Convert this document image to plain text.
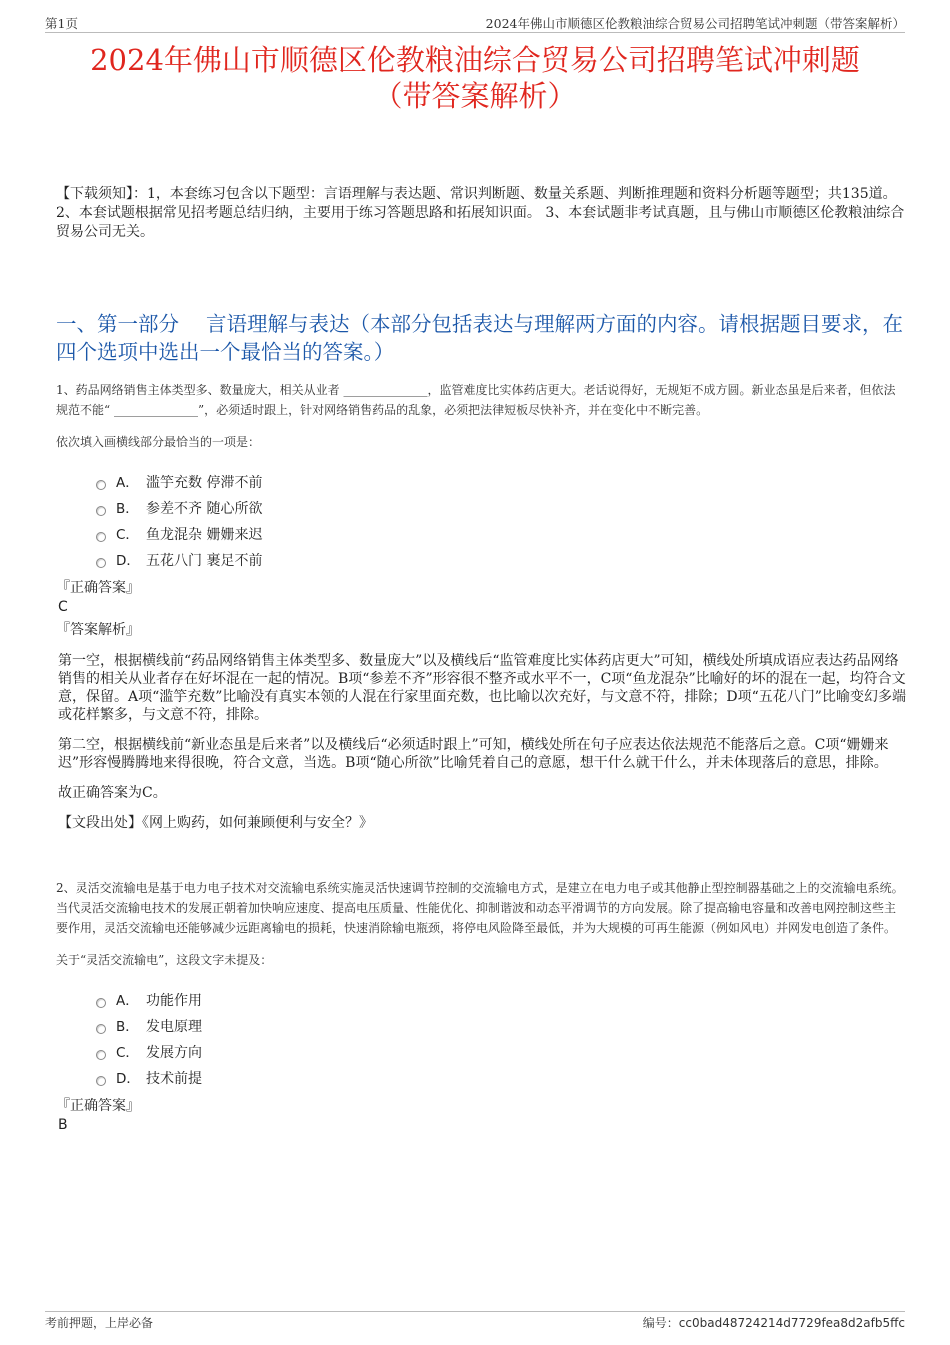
第1页	2024年佛山市顺德区伦教粮油综合贸易公司招聘笔试冲刺题（带答案解析）
2024年佛山市顺德区伦教粮油综合贸易公司招聘笔试冲刺题
（带答案解析）
【下载须知】：1，本套练习包含以下题型：言语理解与表达题、常识判断题、数量关系题、判断推理题和资料分析题等题型；共135道。 2、本套试题根据常见招考题总结归纳，主要用于练习答题思路和拓展知识面。 3、本套试题非考试真题，且与佛山市顺德区伦教粮油综合贸易公司无关。
一、第一部分　 言语理解与表达（本部分包括表达与理解两方面的内容。请根据题目要求，在四个选项中选出一个最恰当的答案。）
1、药品网络销售主体类型多、数量庞大，相关从业者 ______________，监管难度比实体药店更大。老话说得好，无规矩不成方圆。新业态虽是后来者，但依法规范不能“ ______________”，必须适时跟上，针对网络销售药品的乱象，必须把法律短板尽快补齐，并在变化中不断完善。
依次填入画横线部分最恰当的一项是：
A． 滥竽充数 停滞不前
B． 参差不齐 随心所欲
C． 鱼龙混杂 姗姗来迟
D． 五花八门 裹足不前
『正确答案』
C
『答案解析』
第一空，根据横线前“药品网络销售主体类型多、数量庞大”以及横线后“监管难度比实体药店更大”可知，横线处所填成语应表达药品网络销售的相关从业者存在好坏混在一起的情况。B项“参差不齐”形容很不整齐或水平不一，C项“鱼龙混杂”比喻好的坏的混在一起，均符合文意，保留。A项“滥竽充数”比喻没有真实本领的人混在行家里面充数，也比喻以次充好，与文意不符，排除；D项“五花八门”比喻变幻多端或花样繁多，与文意不符，排除。
第二空，根据横线前“新业态虽是后来者”以及横线后“必须适时跟上”可知，横线处所在句子应表达依法规范不能落后之意。C项“姗姗来迟”形容慢腾腾地来得很晚，符合文意，当选。B项“随心所欲”比喻凭着自己的意愿，想干什么就干什么，并未体现落后的意思，排除。
故正确答案为C。
【文段出处】《网上购药，如何兼顾便利与安全？》
2、灵活交流输电是基于电力电子技术对交流输电系统实施灵活快速调节控制的交流输电方式，是建立在电力电子或其他静止型控制器基础之上的交流输电系统。当代灵活交流输电技术的发展正朝着加快响应速度、提高电压质量、性能优化、抑制谐波和动态平滑调节的方向发展。除了提高输电容量和改善电网控制这些主要作用，灵活交流输电还能够减少远距离输电的损耗，快速消除输电瓶颈，将停电风险降至最低，并为大规模的可再生能源（例如风电）并网发电创造了条件。
关于“灵活交流输电”，这段文字未提及：
A． 功能作用
B． 发电原理
C． 发展方向
D． 技术前提
『正确答案』
B
考前押题，上岸必备	编号：cc0bad48724214d7729fea8d2afb5ffc
